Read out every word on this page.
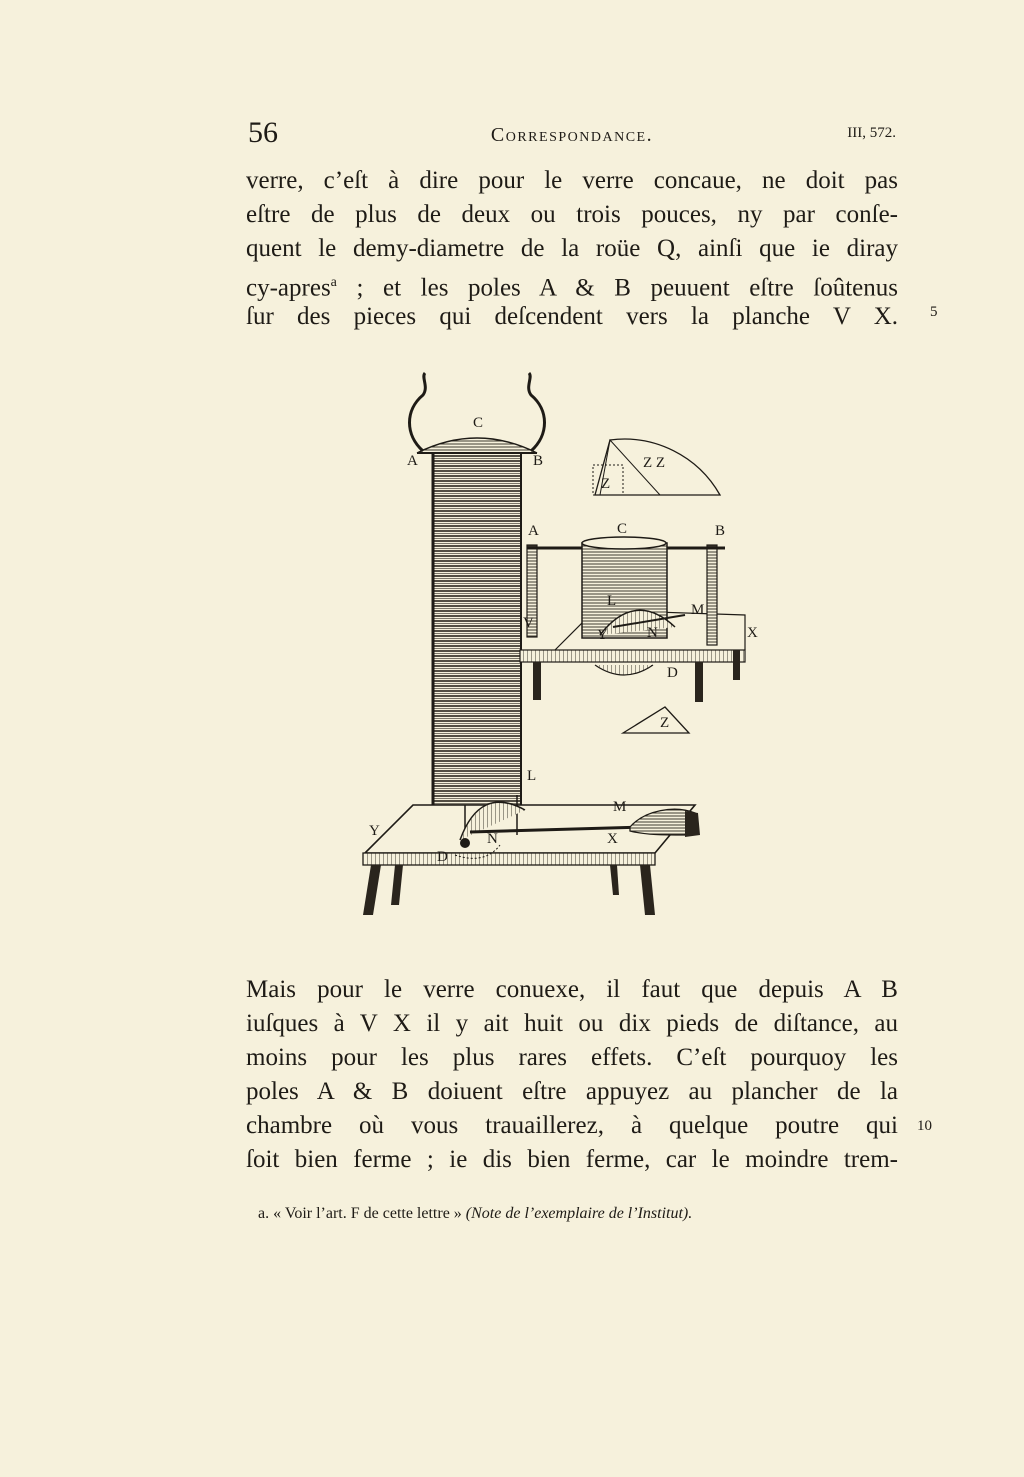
56	Correspondance.	III, 572.
verre, c’eſt à dire pour le verre concaue, ne doit pas
eſtre de plus de deux ou trois pouces, ny par conſe-
quent le demy-diametre de la roüe Q, ainſi que ie diray
cy-apres$^a$ ; et les poles A & B peuuent eſtre ſoûtenus
ſur des pieces qui deſcendent vers la planche V X. 5
C
A	B
Z
Z Z
A	C	B
L
M
V
Y	N	X
D
Z
L
M
Y	N	X
D
Mais pour le verre conuexe, il faut que depuis A B
iuſques à V X il y ait huit ou dix pieds de diſtance, au
moins pour les plus rares effets. C’eſt pourquoy les
poles A & B doiuent eſtre appuyez au plancher de la
chambre où vous trauaillerez, à quelque poutre qui
ſoit bien ferme ; ie dis bien ferme, car le moindre trem-
10
a. « Voir l’art. F de cette lettre » (Note de l’exemplaire de l’Institut).
